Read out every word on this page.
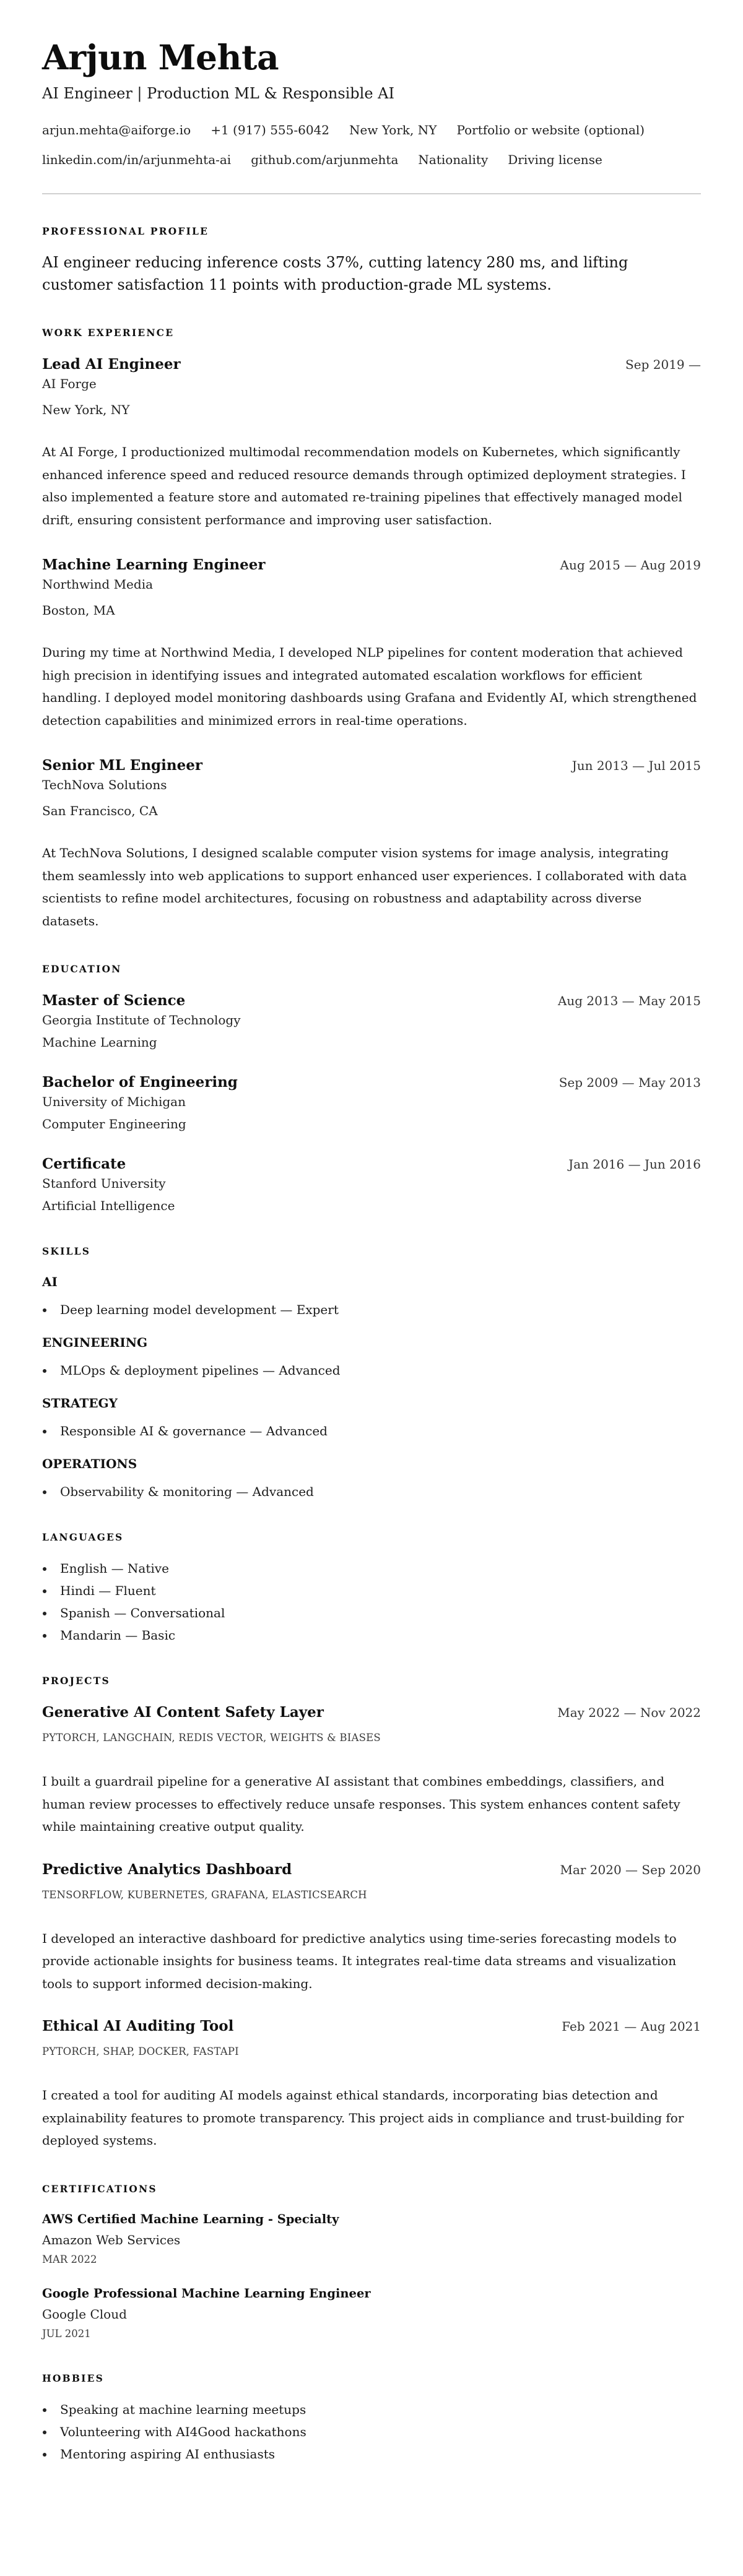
Arjun Mehta
AI Engineer | Production ML & Responsible AI
arjun.mehta@aiforge.io +1 (917) 555-6042 New York, NY Portfolio or website (optional)
linkedin.com/in/arjunmehta-ai github.com/arjunmehta Nationality Driving license
PROFESSIONAL PROFILE

AI engineer reducing inference costs 37%, cutting latency 280 ms, and lifting customer satisfaction 11 points with production-grade ML systems.

WORK EXPERIENCE
Lead AI Engineer	Sep 2019 —
AI Forge
New York, NY

At AI Forge, I productionized multimodal recommendation models on Kubernetes, which significantly enhanced inference speed and reduced resource demands through optimized deployment strategies. I also implemented a feature store and automated re-training pipelines that effectively managed model drift, ensuring consistent performance and improving user satisfaction.

Machine Learning Engineer	Aug 2015 — Aug 2019
Northwind Media
Boston, MA

During my time at Northwind Media, I developed NLP pipelines for content moderation that achieved high precision in identifying issues and integrated automated escalation workflows for efficient handling. I deployed model monitoring dashboards using Grafana and Evidently AI, which strengthened detection capabilities and minimized errors in real-time operations.

Senior ML Engineer	Jun 2013 — Jul 2015
TechNova Solutions
San Francisco, CA

At TechNova Solutions, I designed scalable computer vision systems for image analysis, integrating them seamlessly into web applications to support enhanced user experiences. I collaborated with data scientists to refine model architectures, focusing on robustness and adaptability across diverse datasets.

EDUCATION
Master of Science	Aug 2013 — May 2015
Georgia Institute of Technology
Machine Learning
Bachelor of Engineering	Sep 2009 — May 2013
University of Michigan
Computer Engineering
Certificate	Jan 2016 — Jun 2016
Stanford University
Artificial Intelligence
SKILLS
AI
Deep learning model development — Expert
ENGINEERING
MLOps & deployment pipelines — Advanced
STRATEGY
Responsible AI & governance — Advanced
OPERATIONS
Observability & monitoring — Advanced
LANGUAGES
English — Native
Hindi — Fluent
Spanish — Conversational
Mandarin — Basic
PROJECTS
Generative AI Content Safety Layer	May 2022 — Nov 2022
PYTORCH, LANGCHAIN, REDIS VECTOR, WEIGHTS & BIASES

I built a guardrail pipeline for a generative AI assistant that combines embeddings, classifiers, and human review processes to effectively reduce unsafe responses. This system enhances content safety while maintaining creative output quality.

Predictive Analytics Dashboard	Mar 2020 — Sep 2020
TENSORFLOW, KUBERNETES, GRAFANA, ELASTICSEARCH

I developed an interactive dashboard for predictive analytics using time-series forecasting models to provide actionable insights for business teams. It integrates real-time data streams and visualization tools to support informed decision-making.

Ethical AI Auditing Tool	Feb 2021 — Aug 2021
PYTORCH, SHAP, DOCKER, FASTAPI

I created a tool for auditing AI models against ethical standards, incorporating bias detection and explainability features to promote transparency. This project aids in compliance and trust-building for deployed systems.

CERTIFICATIONS
AWS Certified Machine Learning - Specialty
Amazon Web Services
MAR 2022
Google Professional Machine Learning Engineer
Google Cloud
JUL 2021
HOBBIES
Speaking at machine learning meetups
Volunteering with AI4Good hackathons
Mentoring aspiring AI enthusiasts
